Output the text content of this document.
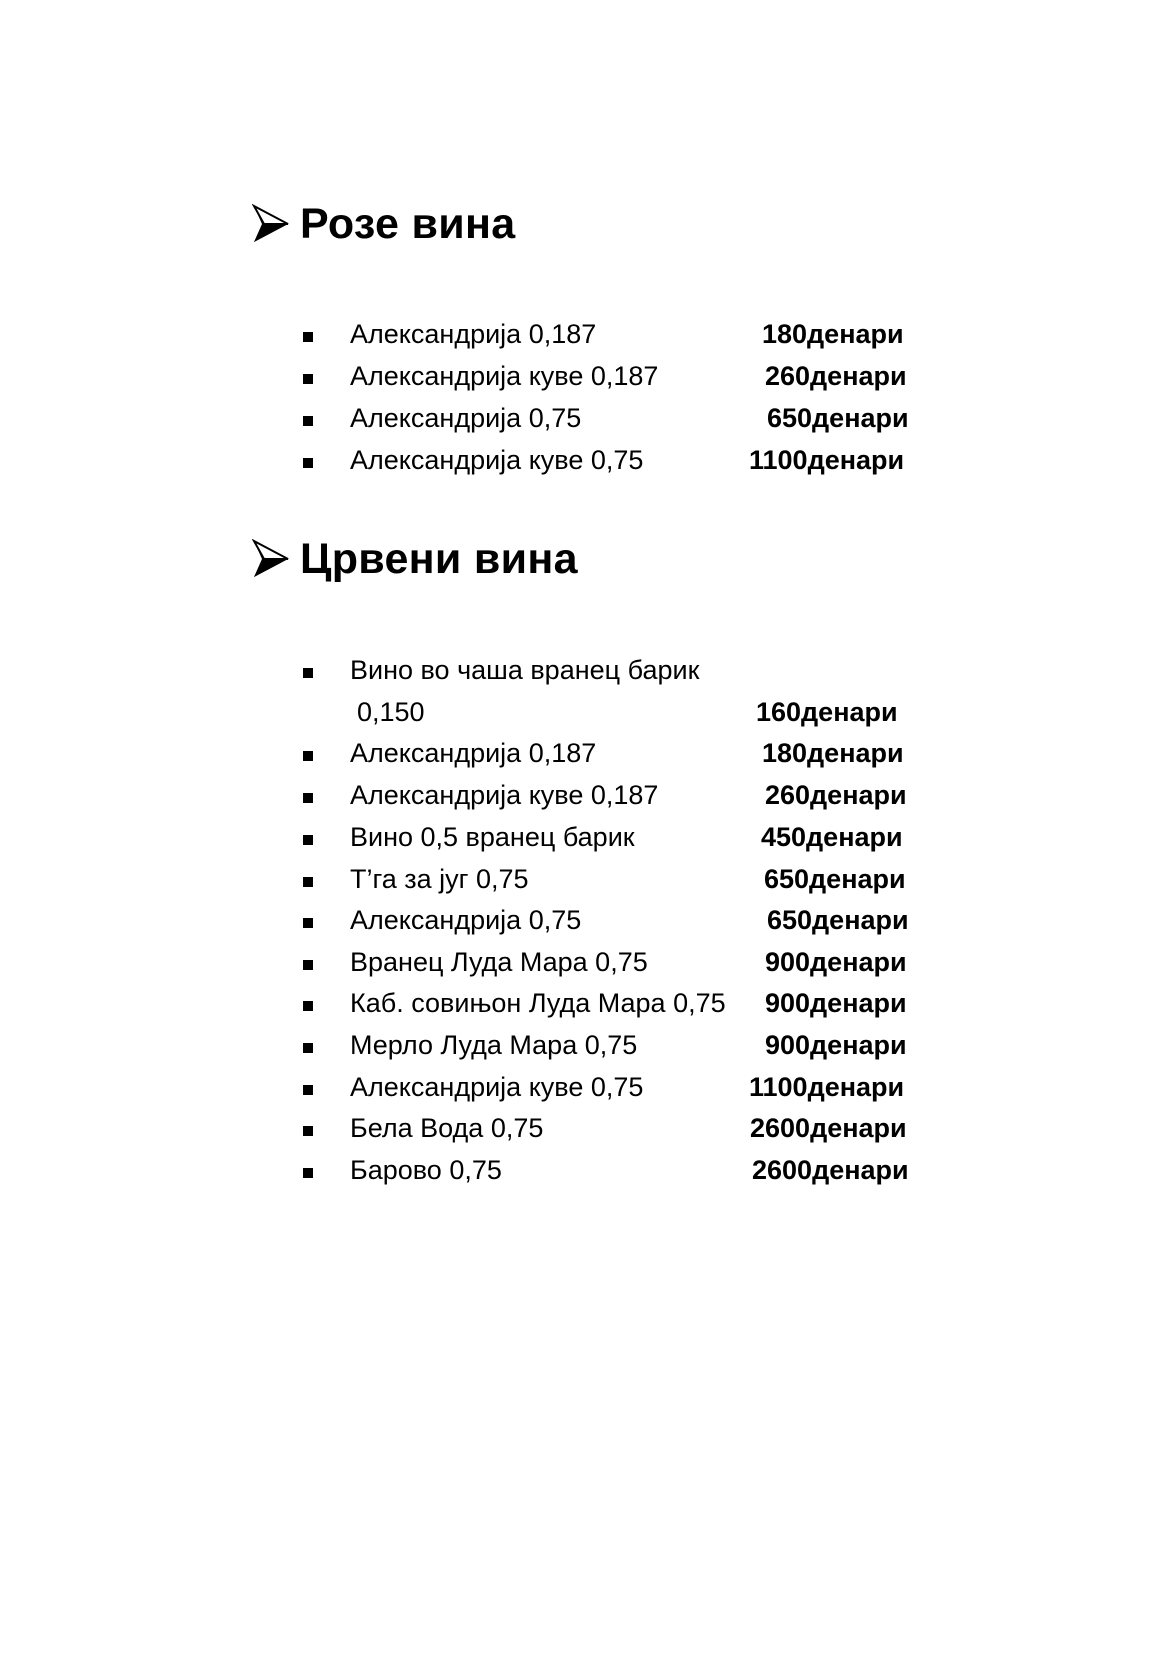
Розе вина
Александрија 0,187	180денари
Александрија куве 0,187	260денари
Александрија 0,75	650денари
Александрија куве 0,75	1100денари
Црвени вина
Вино во чаша вранец барик
0,150	160денари
Александрија 0,187	180денари
Александрија куве 0,187	260денари
Вино 0,5 вранец барик	450денари
Т’га за југ 0,75	650денари
Александрија 0,75	650денари
Вранец Луда Мара 0,75	900денари
Каб. совињон Луда Мара 0,75 900денари
Мерло Луда Мара 0,75	900денари
Александрија куве 0,75	1100денари
Бела Вода 0,75	2600денари
Барово 0,75	2600денари
